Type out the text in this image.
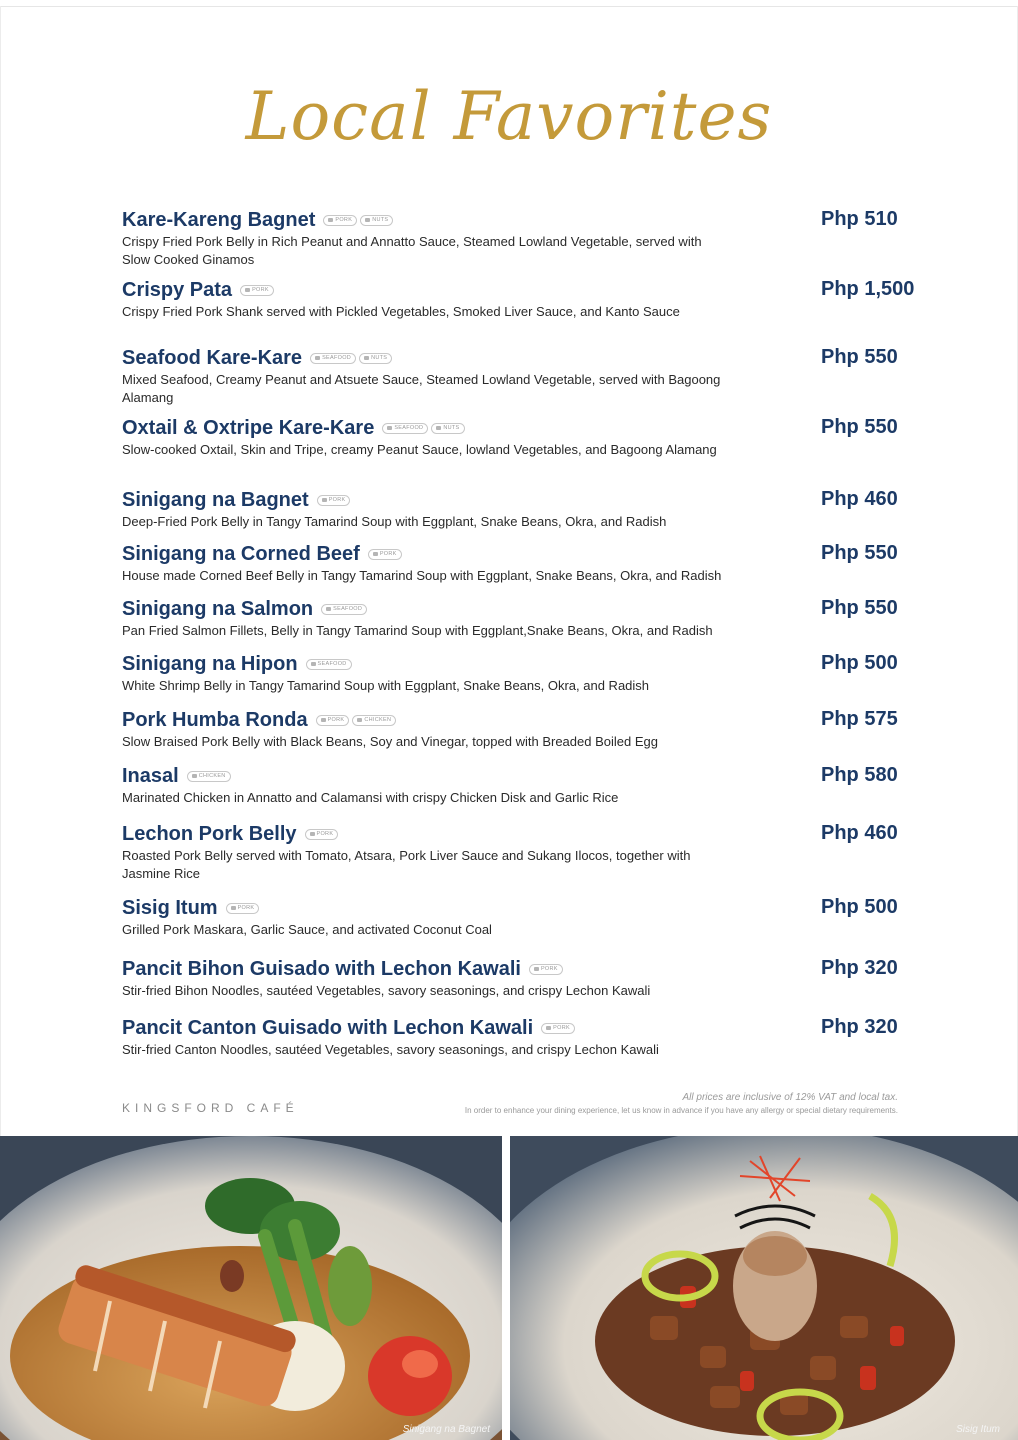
Local Favorites
Kare-Kareng Bagnet	PORK	NUTS	Php 510
Crispy Fried Pork Belly in Rich Peanut and Annatto Sauce, Steamed Lowland Vegetable, served with Slow Cooked Ginamos
Crispy Pata	PORK	Php 1,500
Crispy Fried Pork Shank served with Pickled Vegetables, Smoked Liver Sauce, and Kanto Sauce
Seafood Kare-Kare	SEAFOOD	NUTS	Php 550
Mixed Seafood, Creamy Peanut and Atsuete Sauce, Steamed Lowland Vegetable, served with Bagoong Alamang
Oxtail & Oxtripe Kare-Kare	SEAFOOD	NUTS	Php 550
Slow-cooked Oxtail, Skin and Tripe, creamy Peanut Sauce, lowland Vegetables, and Bagoong Alamang
Sinigang na Bagnet	PORK	Php 460
Deep-Fried Pork Belly in Tangy Tamarind Soup with Eggplant, Snake Beans, Okra, and Radish
Sinigang na Corned Beef	PORK	Php 550
House made Corned Beef Belly in Tangy Tamarind Soup with Eggplant, Snake Beans, Okra, and Radish
Sinigang na Salmon	SEAFOOD	Php 550
Pan Fried Salmon Fillets, Belly in Tangy Tamarind Soup with Eggplant,Snake Beans, Okra, and Radish
Sinigang na Hipon	SEAFOOD	Php 500
White Shrimp Belly in Tangy Tamarind Soup with Eggplant, Snake Beans, Okra, and Radish
Pork Humba Ronda	PORK	CHICKEN	Php 575
Slow Braised Pork Belly with Black Beans, Soy and Vinegar, topped with Breaded Boiled Egg
Inasal	CHICKEN	Php 580
Marinated Chicken in Annatto and Calamansi with crispy Chicken Disk and Garlic Rice
Lechon Pork Belly	PORK	Php 460
Roasted Pork Belly served with Tomato, Atsara, Pork Liver Sauce and Sukang Ilocos, together with Jasmine Rice
Sisig Itum	PORK	Php 500
Grilled Pork Maskara, Garlic Sauce, and activated Coconut Coal
Pancit Bihon Guisado with Lechon Kawali	PORK	Php 320
Stir-fried Bihon Noodles, sautéed Vegetables, savory seasonings, and crispy Lechon Kawali
Pancit Canton Guisado with Lechon Kawali	PORK	Php 320
Stir-fried Canton Noodles, sautéed Vegetables, savory seasonings, and crispy Lechon Kawali
KINGSFORD CAFÉ
All prices are inclusive of 12% VAT and local tax.
In order to enhance your dining experience, let us know in advance if you have any allergy or special dietary requirements.
Sinigang na Bagnet	Sisig Itum
